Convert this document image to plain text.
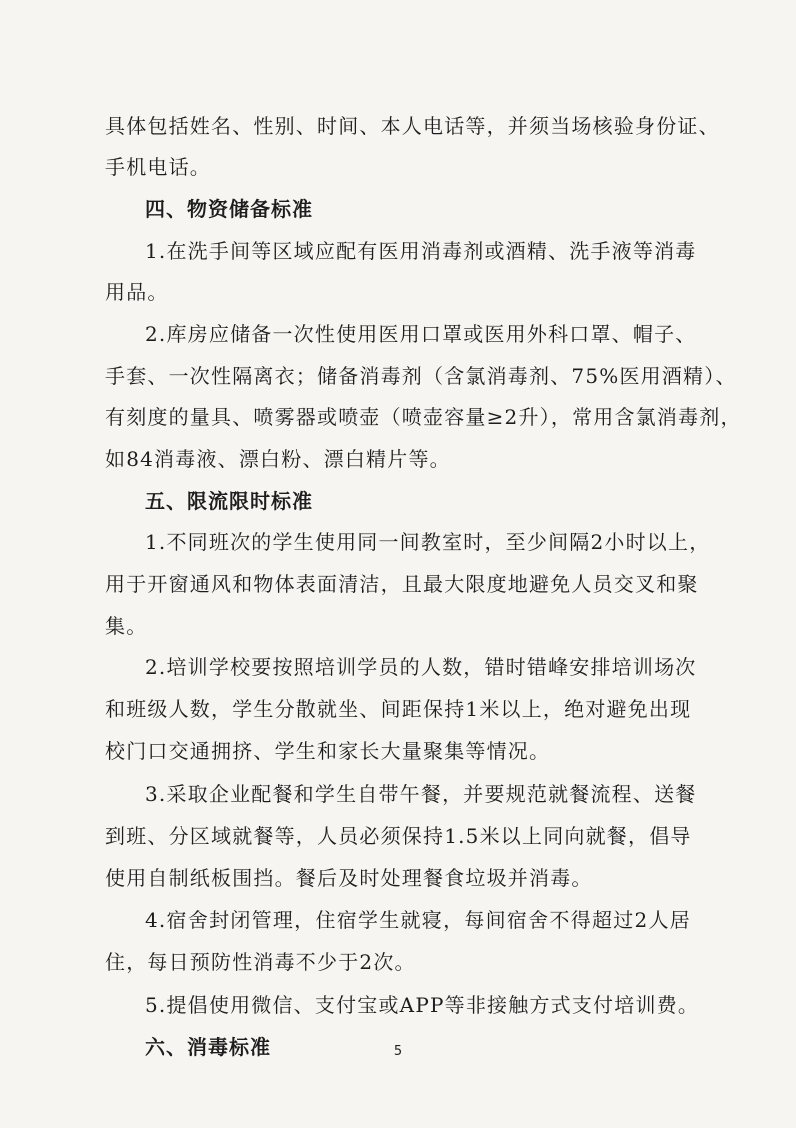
具体包括姓名、性别、时间、本人电话等，并须当场核验身份证、
手机电话。
四、物资储备标准
1.在洗手间等区域应配有医用消毒剂或酒精、洗手液等消毒
用品。
2.库房应储备一次性使用医用口罩或医用外科口罩、帽子、
手套、一次性隔离衣；储备消毒剂（含氯消毒剂、75%医用酒精）、
有刻度的量具、喷雾器或喷壶（喷壶容量≥2升），常用含氯消毒剂，
如84消毒液、漂白粉、漂白精片等。
五、限流限时标准
1.不同班次的学生使用同一间教室时，至少间隔2小时以上，
用于开窗通风和物体表面清洁，且最大限度地避免人员交叉和聚
集。
2.培训学校要按照培训学员的人数，错时错峰安排培训场次
和班级人数，学生分散就坐、间距保持1米以上，绝对避免出现
校门口交通拥挤、学生和家长大量聚集等情况。
3.采取企业配餐和学生自带午餐，并要规范就餐流程、送餐
到班、分区域就餐等，人员必须保持1.5米以上同向就餐，倡导
使用自制纸板围挡。餐后及时处理餐食垃圾并消毒。
4.宿舍封闭管理，住宿学生就寝，每间宿舍不得超过2人居
住，每日预防性消毒不少于2次。
5.提倡使用微信、支付宝或APP等非接触方式支付培训费。
六、消毒标准	5
